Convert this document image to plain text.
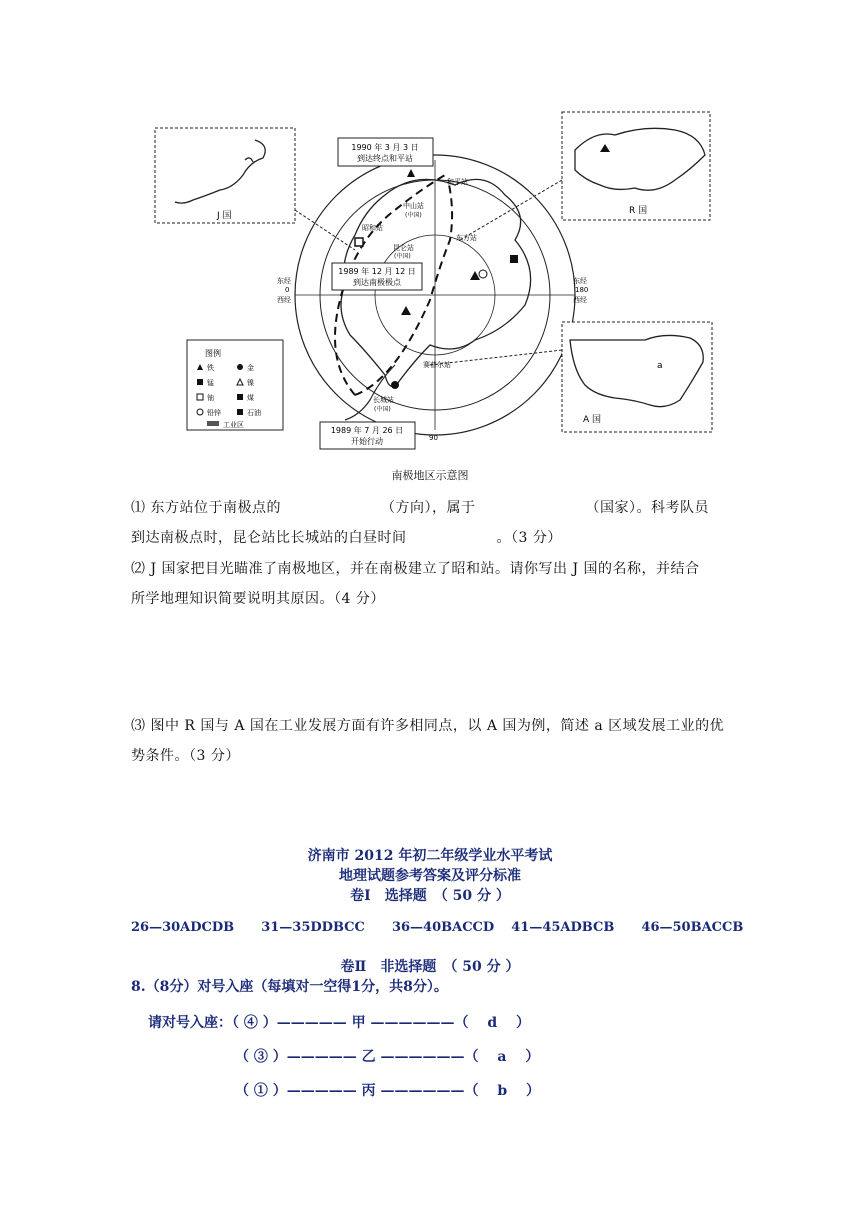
J 国	R 国
a
A 国
1990 年 3 月 3 日
到达终点和平站
1989 年 12 月 12 日
到达南极极点
1989 年 7 月 26 日
开始行动
和平站
中山站
(中国)
昭和站
昆仑站
(中国)
东方站
赛普尔站
长城站
(中国)
东经
0
西经
东经
180
西经
90
图例
铁	金
锰	镍
铀	煤
铅锌	石油
工业区
南极地区示意图
⑴ 东方站位于南极点的	（方向），属于	（国家）。科考队员
到达南极点时，昆仑站比长城站的白昼时间	。（3 分）
⑵ J 国家把目光瞄准了南极地区，并在南极建立了昭和站。请你写出 J 国的名称，并结合
所学地理知识简要说明其原因。（4 分）
⑶ 图中 R 国与 A 国在工业发展方面有许多相同点，以 A 国为例，简述 a 区域发展工业的优
势条件。（3 分）
济南市 2012 年初二年级学业水平考试
地理试题参考答案及评分标准
卷Ⅰ　选择题　（ 50 分 ）
26—30ADCDB 31—35DDBCC 36—40BACCD 41—45ADBCB 46—50BACCB
卷Ⅱ　非选择题　（ 50 分 ）
8.（8分）对号入座（每填对一空得1分，共8分）。
请对号入座：（ ④ ）————— 甲 ——————（　 d　 ）
（ ③ ）————— 乙 ——————（　 a　 ）
（ ① ）————— 丙 ——————（　 b　 ）
